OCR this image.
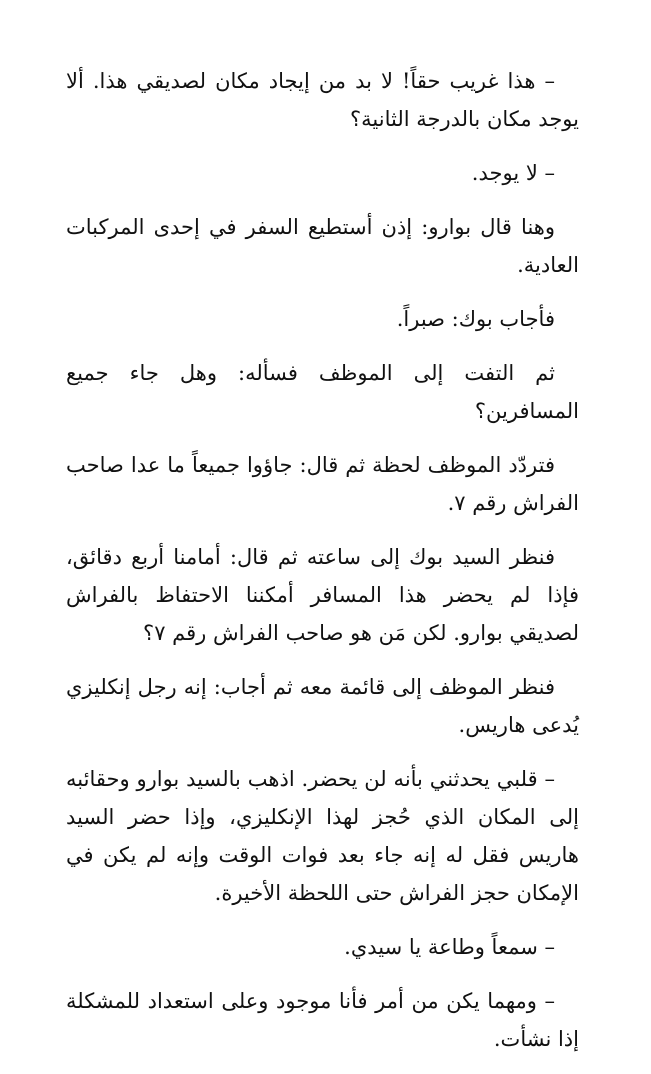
– هذا غريب حقاً! لا بد من إيجاد مكان لصديقي هذا. ألا يوجد مكان بالدرجة الثانية؟

– لا يوجد.

وهنا قال بوارو: إذن أستطيع السفر في إحدى المركبات العادية.

فأجاب بوك: صبراً.

ثم التفت إلى الموظف فسأله: وهل جاء جميع المسافرين؟

فتردّد الموظف لحظة ثم قال: جاؤوا جميعاً ما عدا صاحب الفراش رقم ٧.

فنظر السيد بوك إلى ساعته ثم قال: أمامنا أربع دقائق، فإذا لم يحضر هذا المسافر أمكننا الاحتفاظ بالفراش لصديقي بوارو. لكن مَن هو صاحب الفراش رقم ٧؟

فنظر الموظف إلى قائمة معه ثم أجاب: إنه رجل إنكليزي يُدعى هاريس.

– قلبي يحدثني بأنه لن يحضر. اذهب بالسيد بوارو وحقائبه إلى المكان الذي حُجز لهذا الإنكليزي، وإذا حضر السيد هاريس فقل له إنه جاء بعد فوات الوقت وإنه لم يكن في الإمكان حجز الفراش حتى اللحظة الأخيرة.

– سمعاً وطاعة يا سيدي.

– ومهما يكن من أمر فأنا موجود وعلى استعداد للمشكلة إذا نشأت.
